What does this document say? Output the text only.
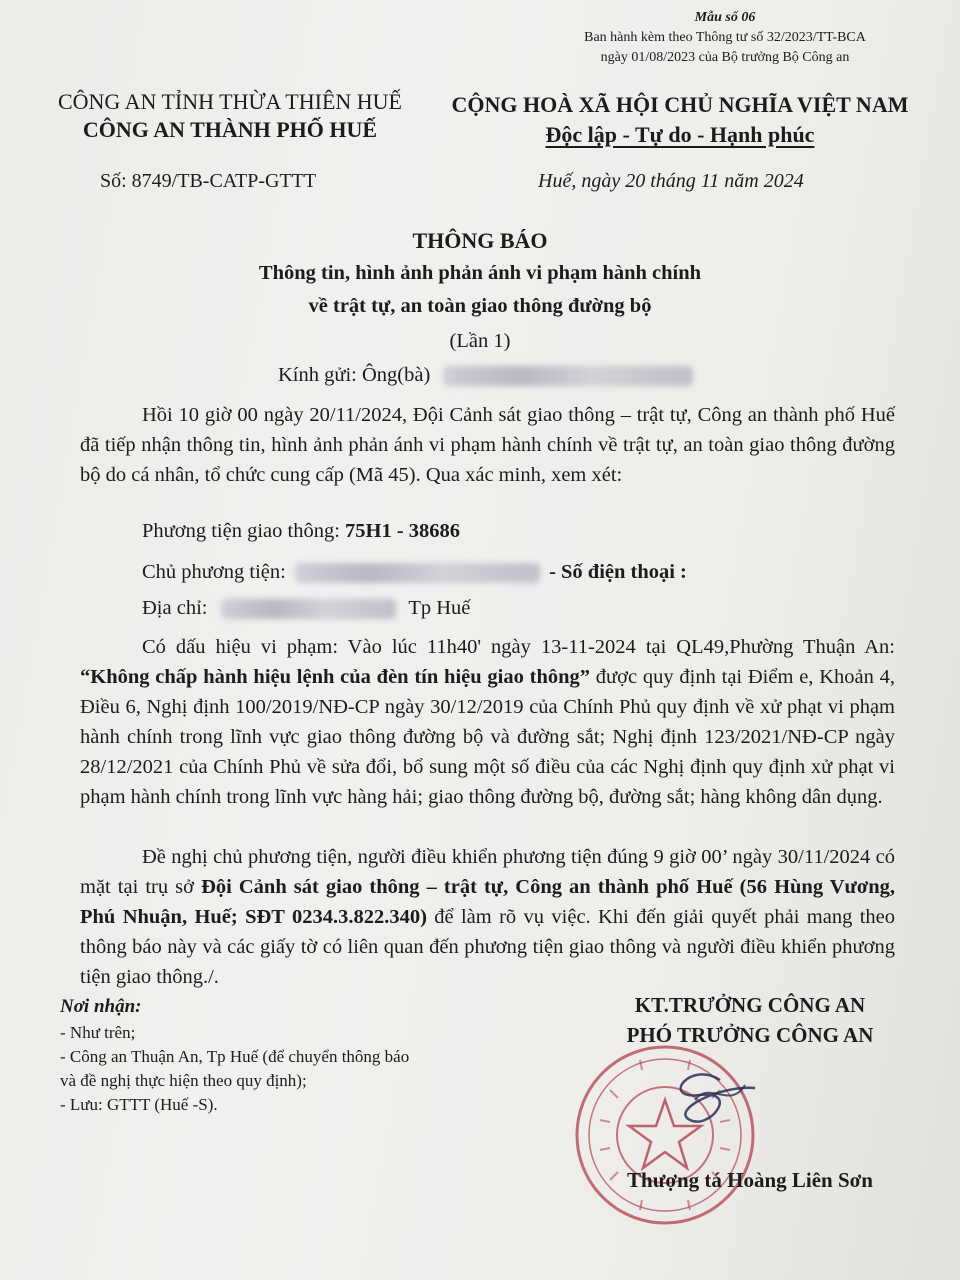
Mẫu số 06
Ban hành kèm theo Thông tư số 32/2023/TT-BCA
ngày 01/08/2023 của Bộ trưởng Bộ Công an
CÔNG AN TỈNH THỪA THIÊN HUẾ
CÔNG AN THÀNH PHỐ HUẾ
CỘNG HOÀ XÃ HỘI CHỦ NGHĨA VIỆT NAM
Độc lập - Tự do - Hạnh phúc
Số: 8749/TB-CATP-GTTT	Huế, ngày 20 tháng 11 năm 2024
THÔNG BÁO
Thông tin, hình ảnh phản ánh vi phạm hành chính
về trật tự, an toàn giao thông đường bộ
(Lần 1)
Kính gửi: Ông(bà)
Hồi 10 giờ 00 ngày 20/11/2024, Đội Cảnh sát giao thông – trật tự, Công an thành phố Huế đã tiếp nhận thông tin, hình ảnh phản ánh vi phạm hành chính về trật tự, an toàn giao thông đường bộ do cá nhân, tổ chức cung cấp (Mã 45). Qua xác minh, xem xét:
Phương tiện giao thông: 75H1 - 38686
Chủ phương tiện:	- Số điện thoại :
Địa chỉ:	Tp Huế
Có dấu hiệu vi phạm: Vào lúc 11h40' ngày 13-11-2024 tại QL49,Phường Thuận An: “Không chấp hành hiệu lệnh của đèn tín hiệu giao thông” được quy định tại Điểm e, Khoản 4, Điều 6, Nghị định 100/2019/NĐ-CP ngày 30/12/2019 của Chính Phủ quy định về xử phạt vi phạm hành chính trong lĩnh vực giao thông đường bộ và đường sắt; Nghị định 123/2021/NĐ-CP ngày 28/12/2021 của Chính Phủ về sửa đổi, bổ sung một số điều của các Nghị định quy định xử phạt vi phạm hành chính trong lĩnh vực hàng hải; giao thông đường bộ, đường sắt; hàng không dân dụng.
Đề nghị chủ phương tiện, người điều khiển phương tiện đúng 9 giờ 00’ ngày 30/11/2024 có mặt tại trụ sở Đội Cảnh sát giao thông – trật tự, Công an thành phố Huế (56 Hùng Vương, Phú Nhuận, Huế; SĐT 0234.3.822.340) để làm rõ vụ việc. Khi đến giải quyết phải mang theo thông báo này và các giấy tờ có liên quan đến phương tiện giao thông và người điều khiển phương tiện giao thông./.
Nơi nhận:
- Như trên;
- Công an Thuận An, Tp Huế (để chuyển thông báo
và đề nghị thực hiện theo quy định);
- Lưu: GTTT (Huế -S).
KT.TRƯỞNG CÔNG AN
PHÓ TRƯỞNG CÔNG AN
Thượng tá Hoàng Liên Sơn
